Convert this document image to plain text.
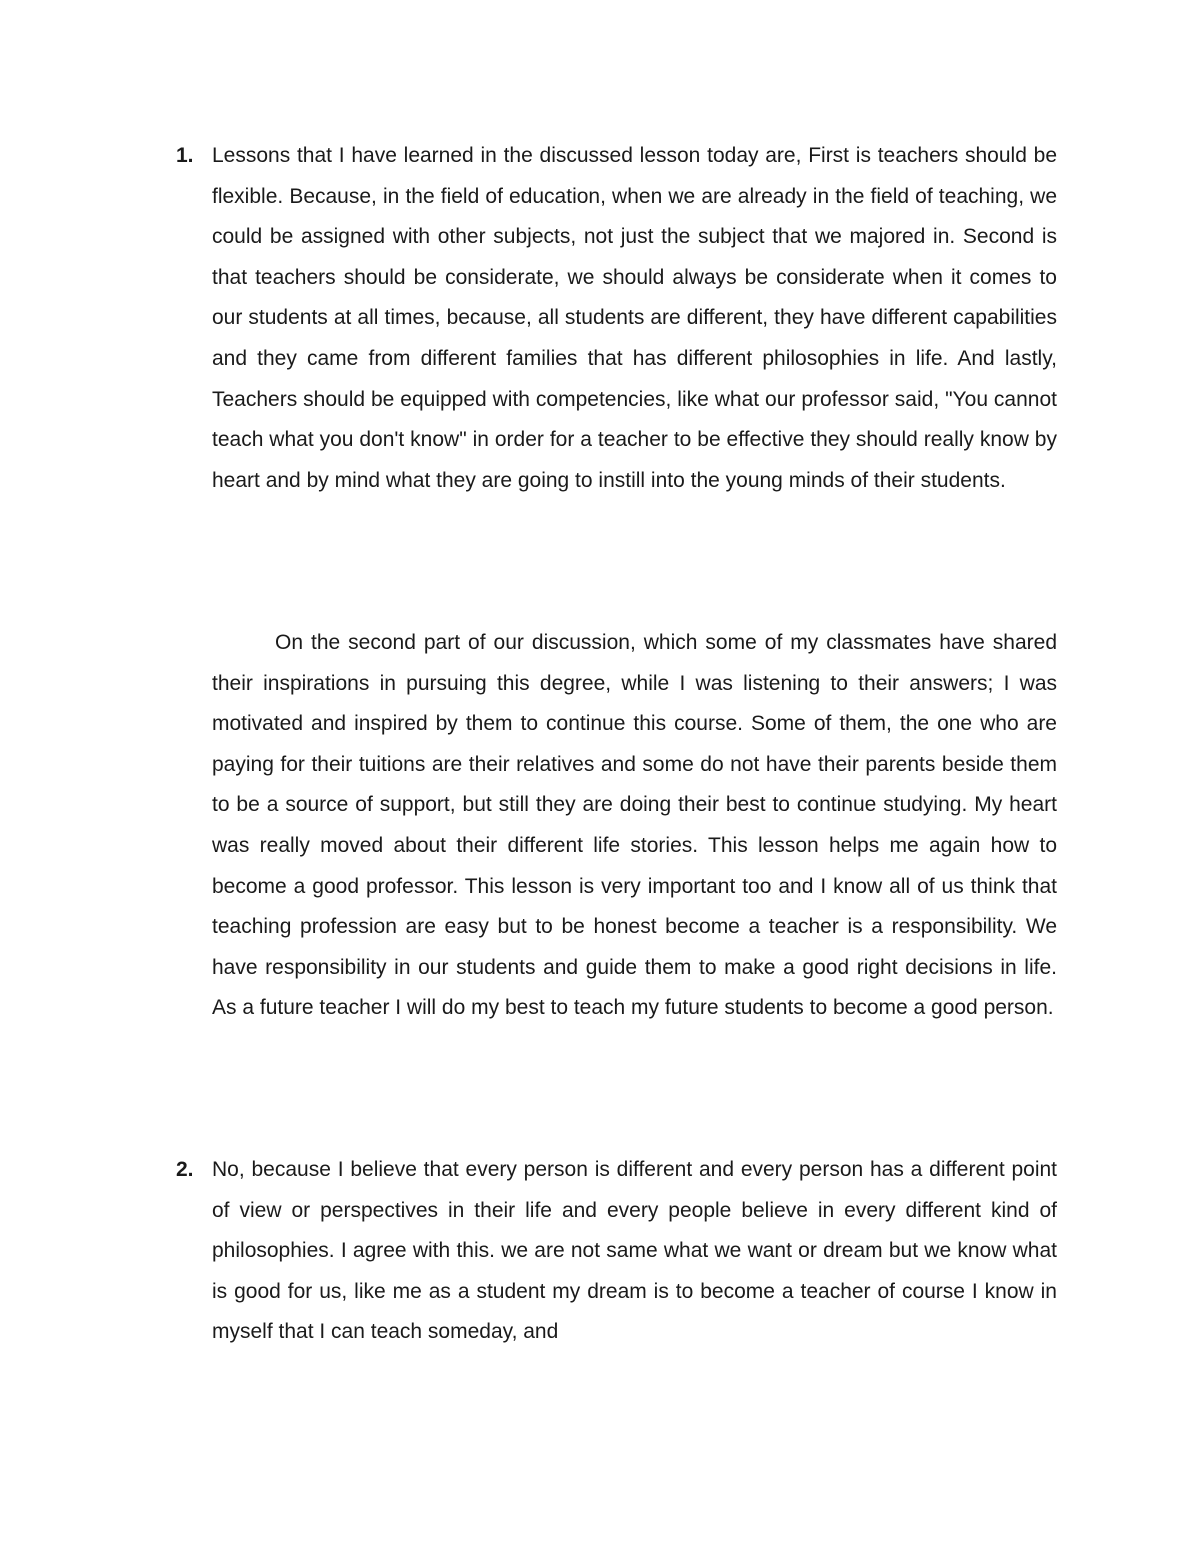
1. Lessons that I have learned in the discussed lesson today are, First is teachers should be flexible. Because, in the field of education, when we are already in the field of teaching, we could be assigned with other subjects, not just the subject that we majored in. Second is that teachers should be considerate, we should always be considerate when it comes to our students at all times, because, all students are different, they have different capabilities and they came from different families that has different philosophies in life. And lastly, Teachers should be equipped with competencies, like what our professor said, "You cannot teach what you don't know" in order for a teacher to be effective they should really know by heart and by mind what they are going to instill into the young minds of their students.

On the second part of our discussion, which some of my classmates have shared their inspirations in pursuing this degree, while I was listening to their answers; I was motivated and inspired by them to continue this course. Some of them, the one who are paying for their tuitions are their relatives and some do not have their parents beside them to be a source of support, but still they are doing their best to continue studying. My heart was really moved about their different life stories. This lesson helps me again how to become a good professor. This lesson is very important too and I know all of us think that teaching profession are easy but to be honest become a teacher is a responsibility. We have responsibility in our students and guide them to make a good right decisions in life. As a future teacher I will do my best to teach my future students to become a good person.

2. No, because I believe that every person is different and every person has a different point of view or perspectives in their life and every people believe in every different kind of philosophies. I agree with this. we are not same what we want or dream but we know what is good for us, like me as a student my dream is to become a teacher of course I know in myself that I can teach someday, and
